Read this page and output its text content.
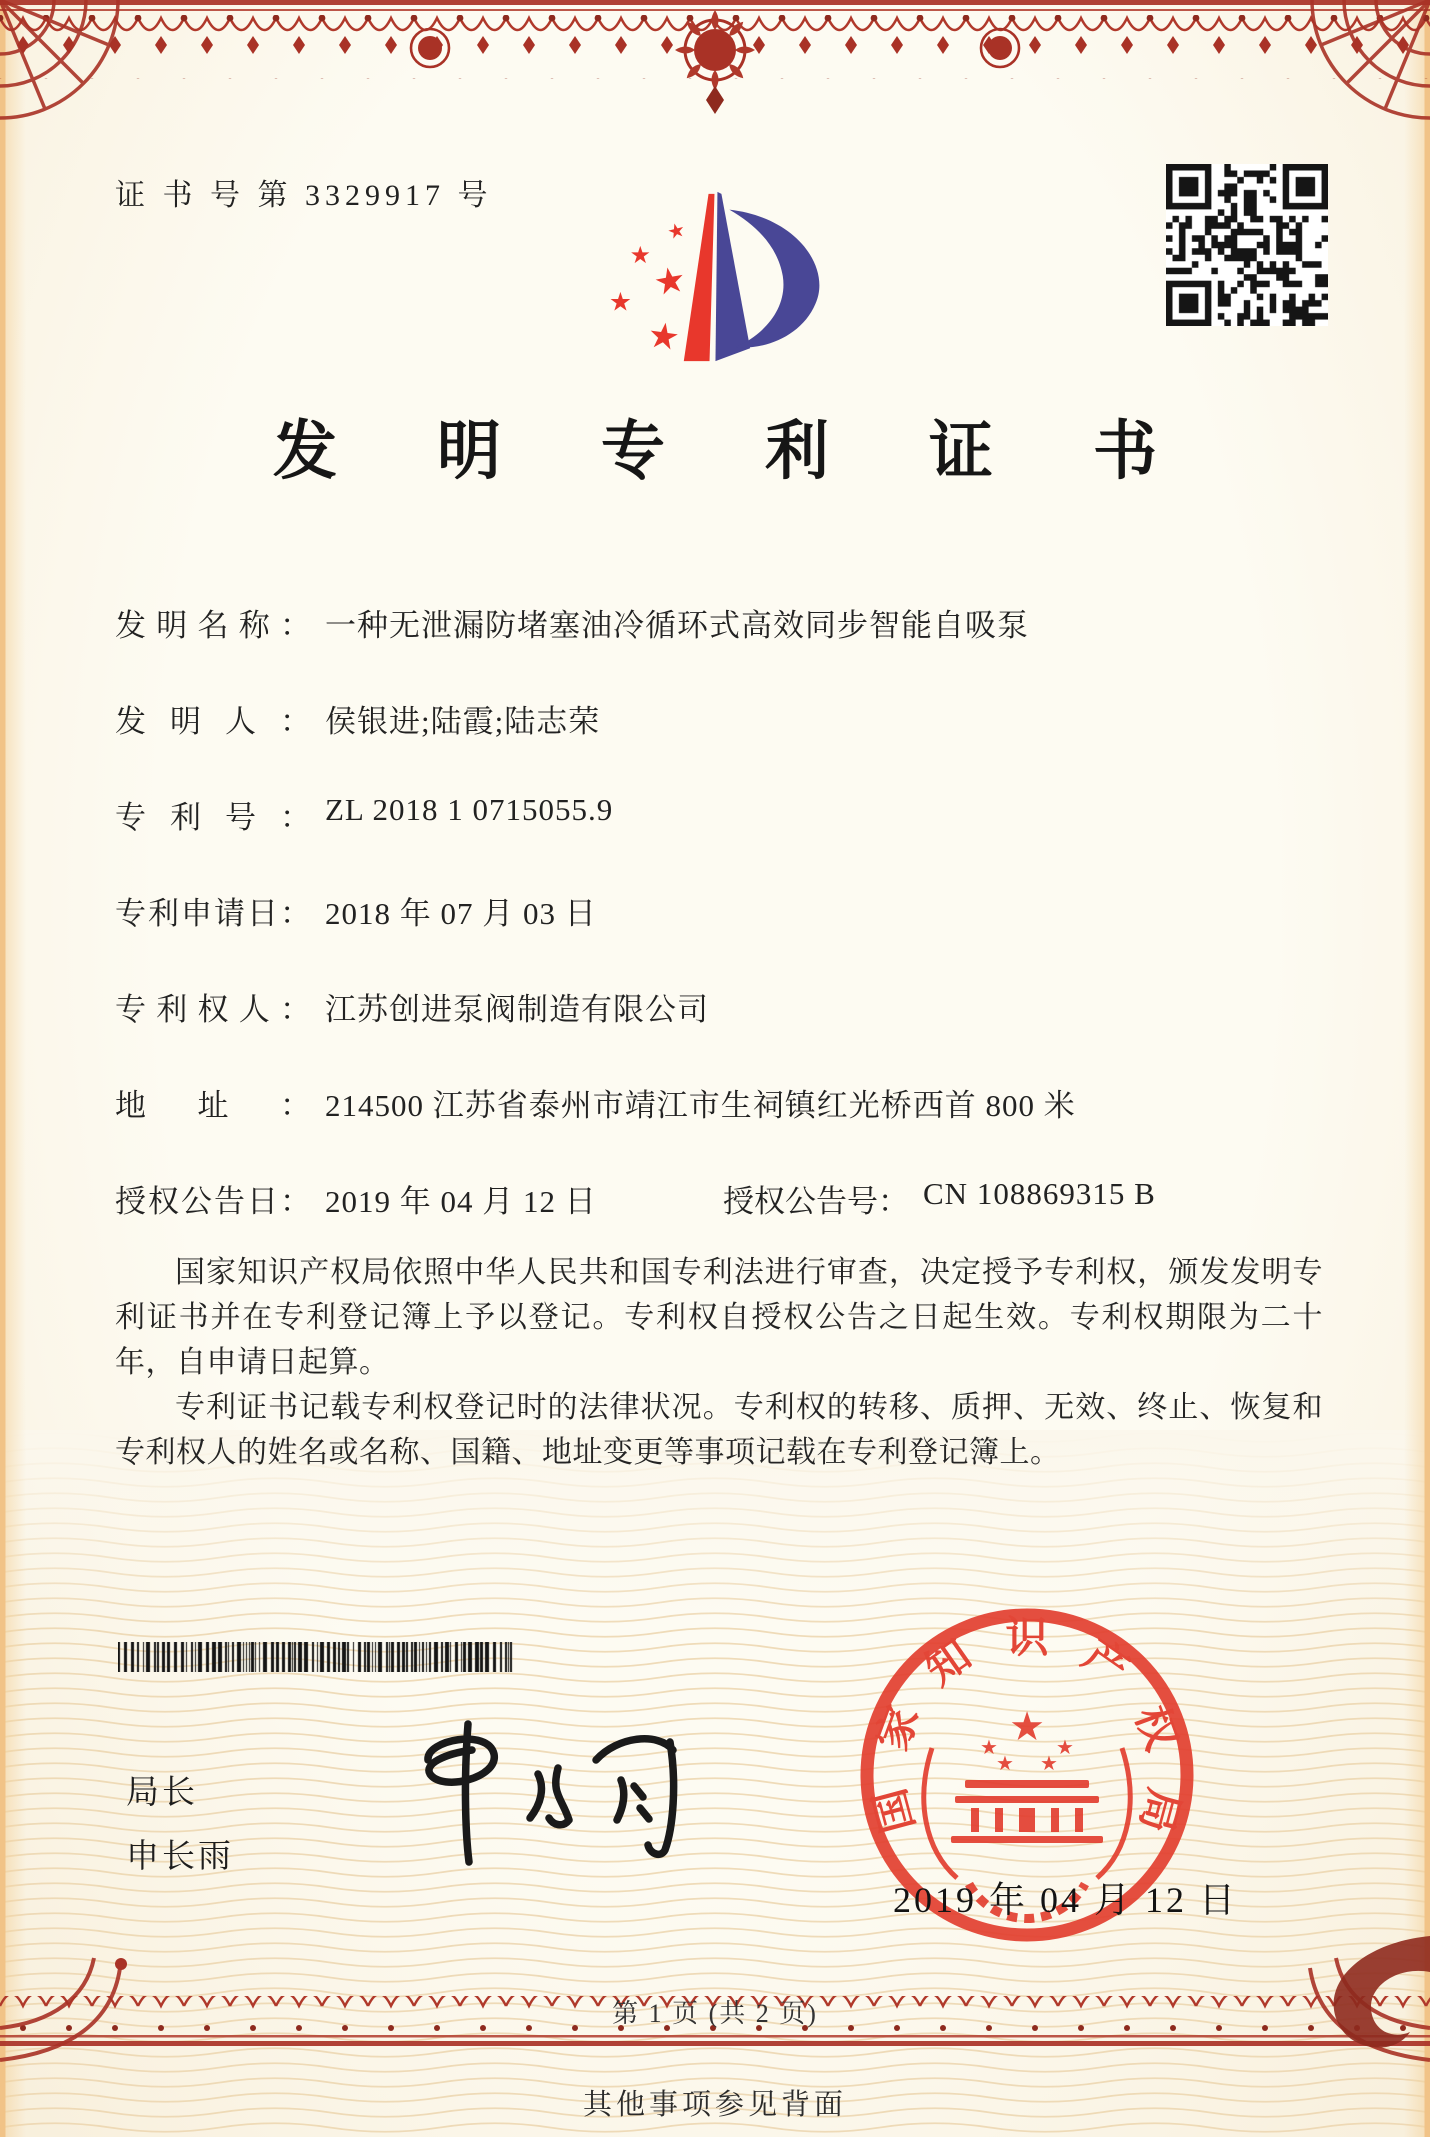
证 书 号 第 3329917 号
★
★
★
★
★
发 明 专 利 证 书
发明名称： 一种无泄漏防堵塞油冷循环式高效同步智能自吸泵
发明人： 侯银进;陆霞;陆志荣
专利号： ZL 2018 1 0715055.9
专利申请日： 2018 年 07 月 03 日
专利权人： 江苏创进泵阀制造有限公司
地址： 214500 江苏省泰州市靖江市生祠镇红光桥西首 800 米
授权公告日： 2019 年 04 月 12 日	授权公告号： CN 108869315 B

国家知识产权局依照中华人民共和国专利法进行审查，决定授予专利权，颁发发明专利证书并在专利登记簿上予以登记。专利权自授权公告之日起生效。专利权期限为二十年，自申请日起算。

专利证书记载专利权登记时的法律状况。专利权的转移、质押、无效、终止、恢复和专利权人的姓名或名称、国籍、地址变更等事项记载在专利登记簿上。

局长
申长雨
★
★	★
★ ★
国
家
知 识 产
权
局
2019 年 04 月 12 日
第 1 页 (共 2 页)
其他事项参见背面
